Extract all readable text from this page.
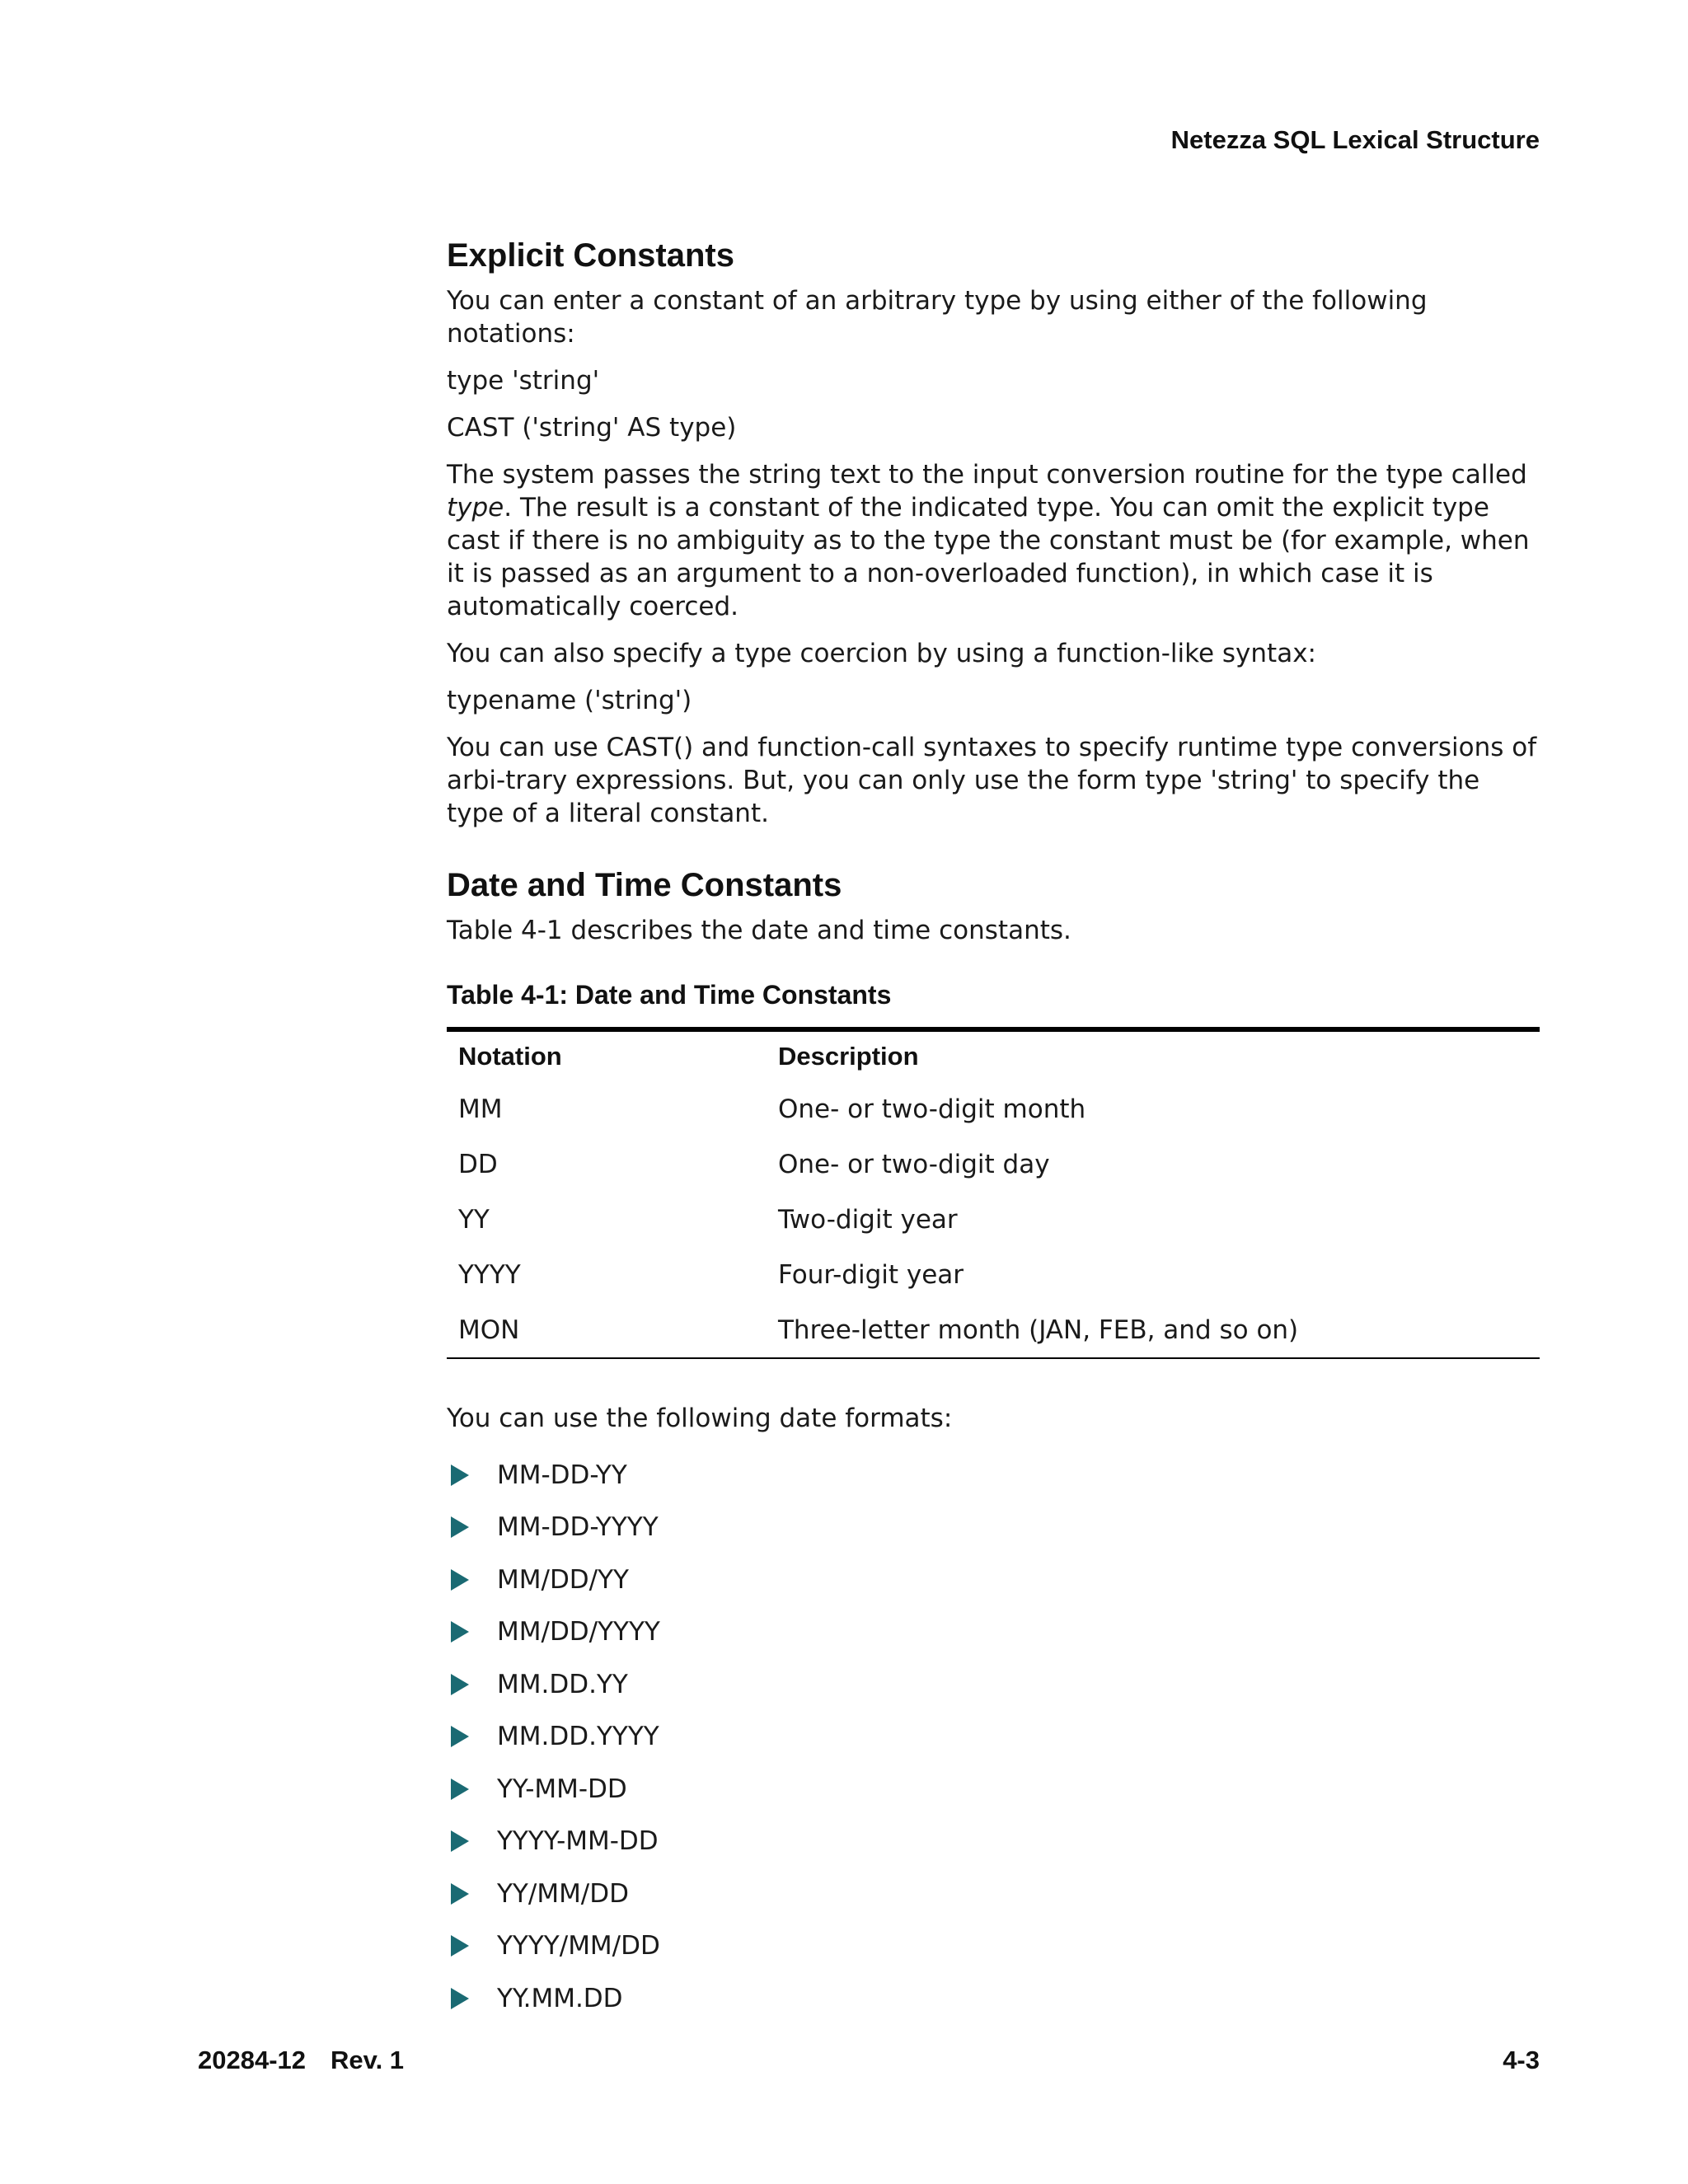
Netezza SQL Lexical Structure
Explicit Constants

You can enter a constant of an arbitrary type by using either of the following notations:

type 'string'

CAST ('string' AS type)

The system passes the string text to the input conversion routine for the type called type. The result is a constant of the indicated type. You can omit the explicit type cast if there is no ambiguity as to the type the constant must be (for example, when it is passed as an argument to a non-overloaded function), in which case it is automatically coerced.

You can also specify a type coercion by using a function-like syntax:

typename ('string')

You can use CAST() and function-call syntaxes to specify runtime type conversions of arbi-trary expressions. But, you can only use the form type 'string' to specify the type of a literal constant.

Date and Time Constants

Table 4-1 describes the date and time constants.

Table 4-1: Date and Time Constants
Notation	Description
MM	One- or two-digit month
DD	One- or two-digit day
YY	Two-digit year
YYYY	Four-digit year
MON	Three-letter month (JAN, FEB, and so on)

You can use the following date formats:

MM-DD-YY
MM-DD-YYYY
MM/DD/YY
MM/DD/YYYY
MM.DD.YY
MM.DD.YYYY
YY-MM-DD
YYYY-MM-DD
YY/MM/DD
YYYY/MM/DD
YY.MM.DD
20284-12 Rev. 1	4-3
